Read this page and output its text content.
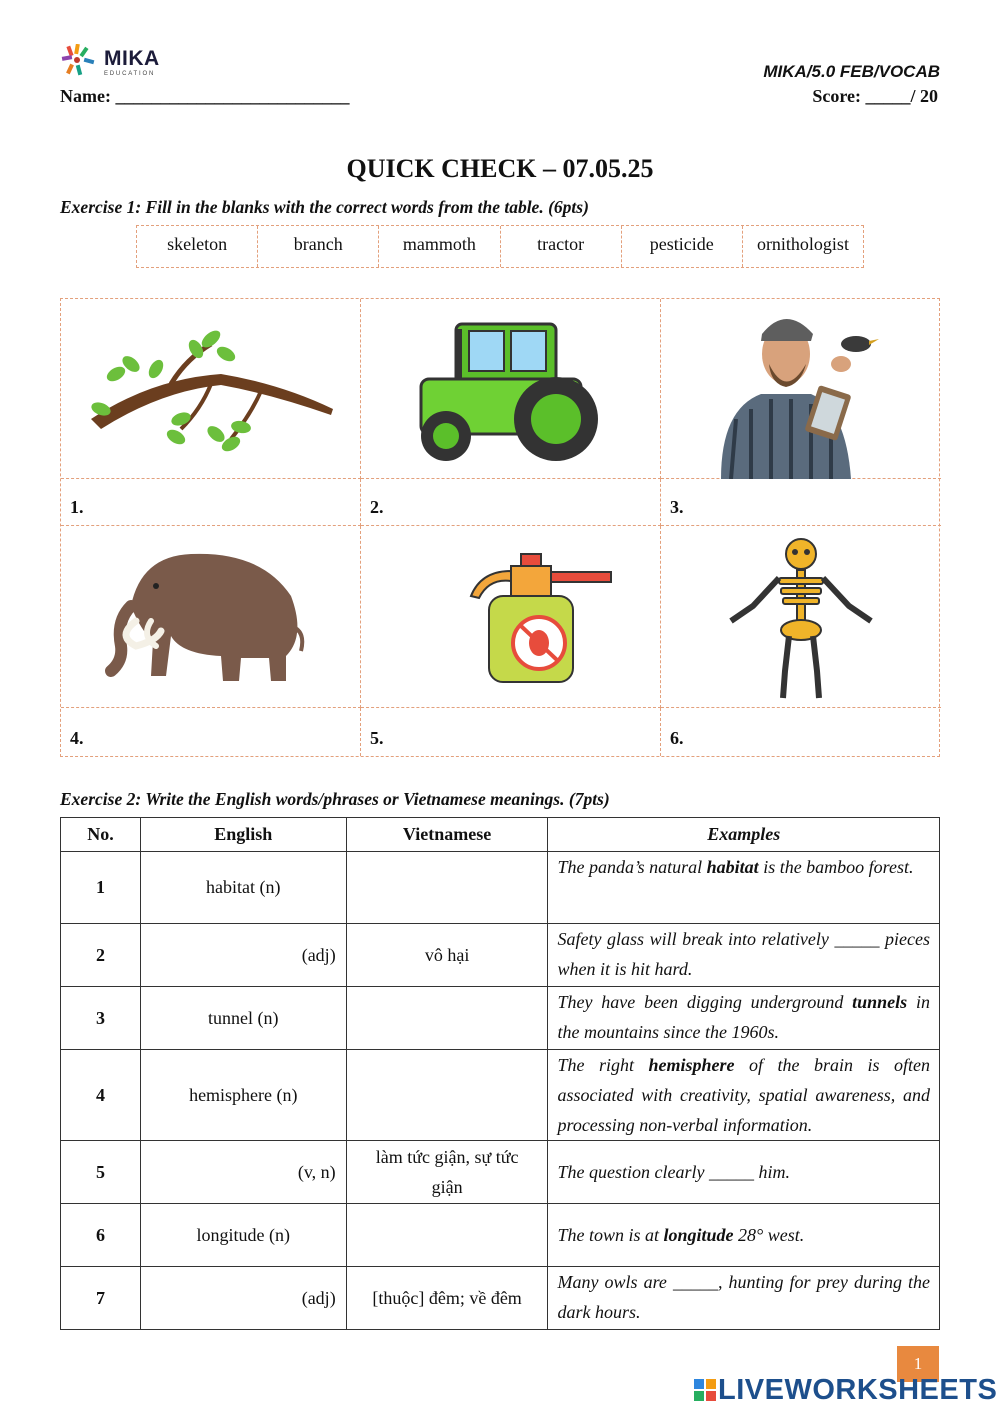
MIKA
EDUCATION	MIKA/5.0 FEB/VOCAB
Name: __________________________	Score: _____/ 20
QUICK CHECK – 07.05.25
Exercise 1: Fill in the blanks with the correct words from the table. (6pts)
skeleton	branch	mammoth	tractor	pesticide	ornithologist
1.	2.	3.
4.	5.	6.
Exercise 2: Write the English words/phrases or Vietnamese meanings. (7pts)
No.	English	Vietnamese	Examples
1	habitat (n)		The panda’s natural habitat is the bamboo forest.
2	(adj)	vô hại	Safety glass will break into relatively _____ pieces when it is hit hard.
3	tunnel (n)		They have been digging underground tunnels in the mountains since the 1960s.
4	hemisphere (n)		The right hemisphere of the brain is often associated with creativity, spatial awareness, and processing non-verbal information.
5	(v, n)	làm tức giận, sự tức giận	The question clearly _____ him.
6	longitude (n)		The town is at longitude 28° west.
7	(adj)	[thuộc] đêm; về đêm	Many owls are _____, hunting for prey during the dark hours.
1
LIVEWORKSHEETS
